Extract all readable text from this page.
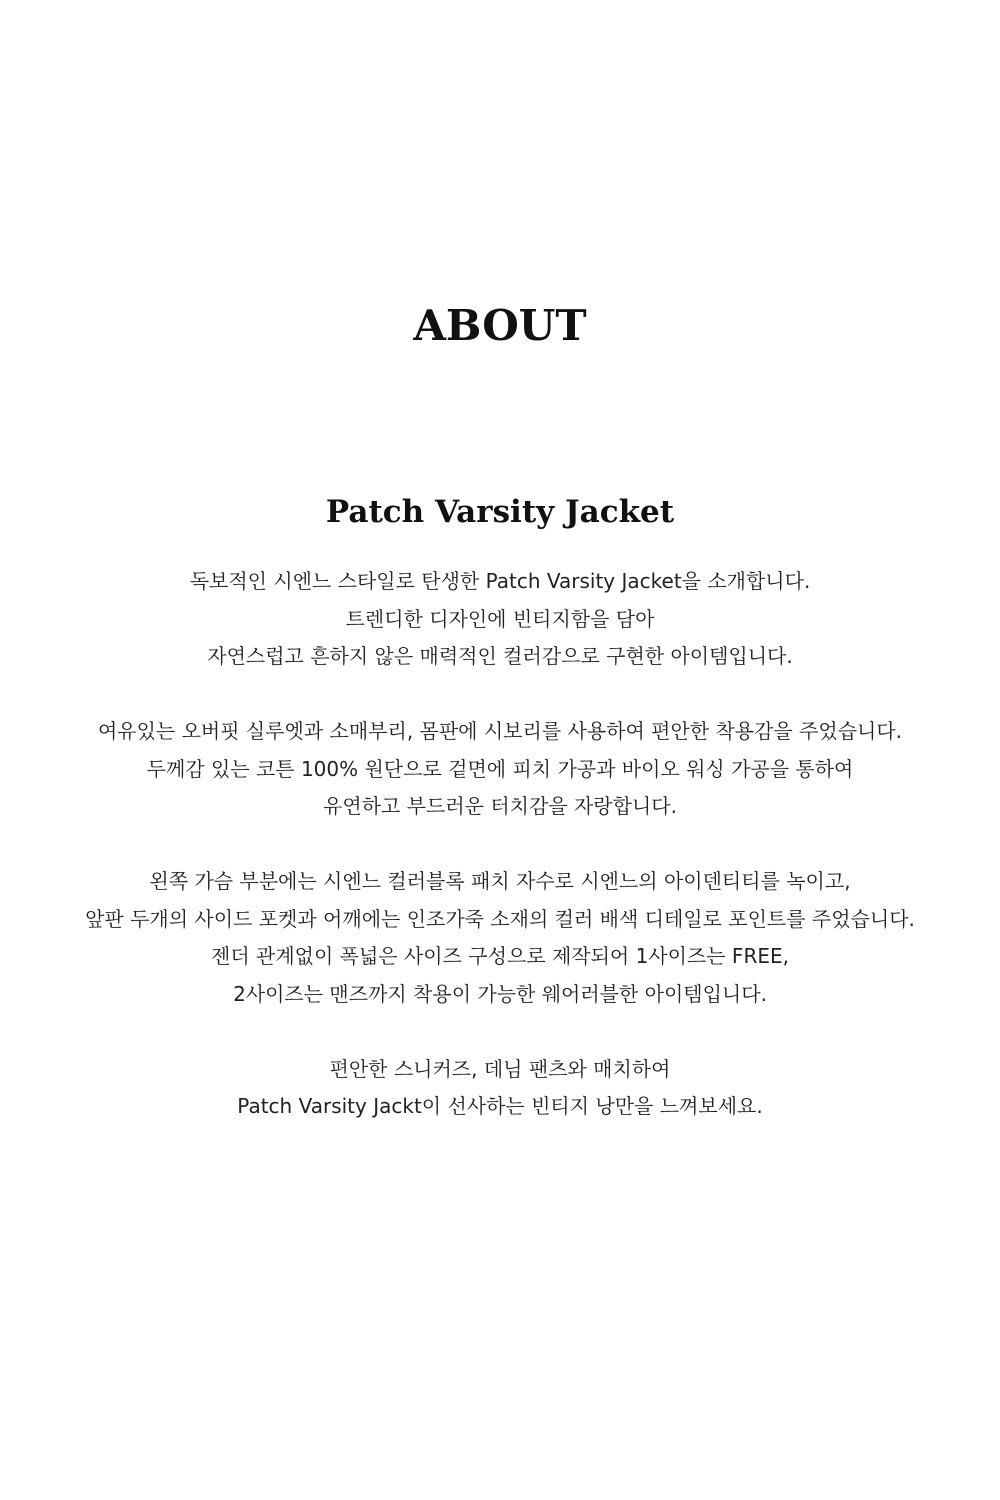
ABOUT
Patch Varsity Jacket

독보적인 시엔느 스타일로 탄생한 Patch Varsity Jacket을 소개합니다.
트렌디한 디자인에 빈티지함을 담아
자연스럽고 흔하지 않은 매력적인 컬러감으로 구현한 아이템입니다.

여유있는 오버핏 실루엣과 소매부리, 몸판에 시보리를 사용하여 편안한 착용감을 주었습니다.
두께감 있는 코튼 100% 원단으로 겉면에 피치 가공과 바이오 워싱 가공을 통하여
유연하고 부드러운 터치감을 자랑합니다.

왼쪽 가슴 부분에는 시엔느 컬러블록 패치 자수로 시엔느의 아이덴티티를 녹이고,
앞판 두개의 사이드 포켓과 어깨에는 인조가죽 소재의 컬러 배색 디테일로 포인트를 주었습니다.
젠더 관계없이 폭넓은 사이즈 구성으로 제작되어 1사이즈는 FREE,
2사이즈는 맨즈까지 착용이 가능한 웨어러블한 아이템입니다.

편안한 스니커즈, 데님 팬츠와 매치하여
Patch Varsity Jackt이 선사하는 빈티지 낭만을 느껴보세요.
